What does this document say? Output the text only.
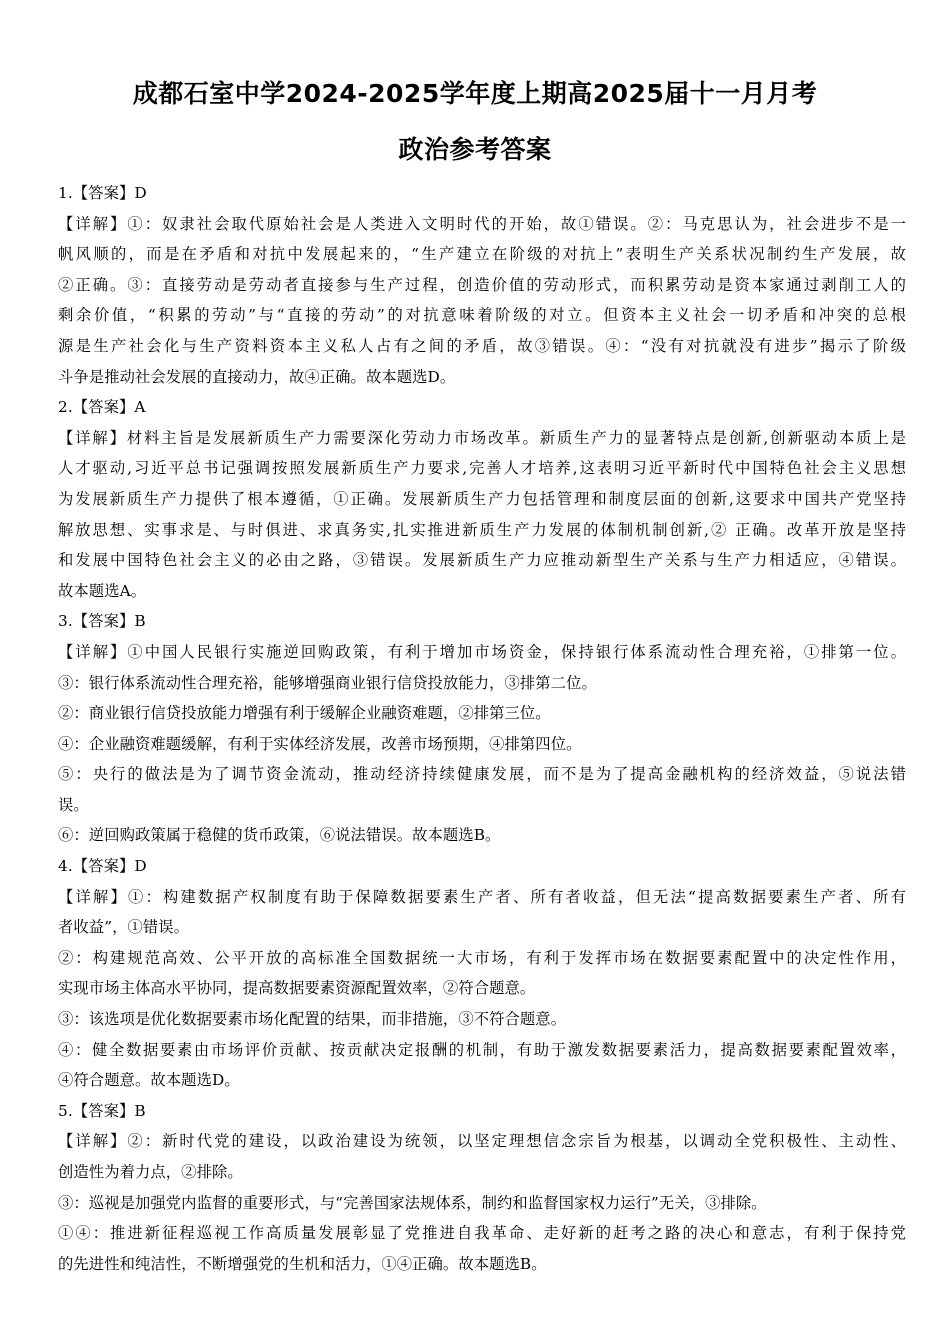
成都石室中学2024-2025学年度上期高2025届十一月月考
政治参考答案
1.【答案】D
【详解】①：奴隶社会取代原始社会是人类进入文明时代的开始，故①错误。②：马克思认为，社会进步不是一
帆风顺的，而是在矛盾和对抗中发展起来的，“生产建立在阶级的对抗上”表明生产关系状况制约生产发展，故
②正确。③：直接劳动是劳动者直接参与生产过程，创造价值的劳动形式，而积累劳动是资本家通过剥削工人的
剩余价值，“积累的劳动”与“直接的劳动”的对抗意味着阶级的对立。但资本主义社会一切矛盾和冲突的总根
源是生产社会化与生产资料资本主义私人占有之间的矛盾，故③错误。④：“没有对抗就没有进步”揭示了阶级
斗争是推动社会发展的直接动力，故④正确。故本题选D。
2.【答案】A
【详解】材料主旨是发展新质生产力需要深化劳动力市场改革。新质生产力的显著特点是创新,创新驱动本质上是
人才驱动,习近平总书记强调按照发展新质生产力要求,完善人才培养,这表明习近平新时代中国特色社会主义思想
为发展新质生产力提供了根本遵循，①正确。发展新质生产力包括管理和制度层面的创新,这要求中国共产党坚持
解放思想、实事求是、与时俱进、求真务实,扎实推进新质生产力发展的体制机制创新,② 正确。改革开放是坚持
和发展中国特色社会主义的必由之路，③错误。发展新质生产力应推动新型生产关系与生产力相适应，④错误。
故本题选A。
3.【答案】B
【详解】①中国人民银行实施逆回购政策，有利于增加市场资金，保持银行体系流动性合理充裕，①排第一位。
③：银行体系流动性合理充裕，能够增强商业银行信贷投放能力，③排第二位。
②：商业银行信贷投放能力增强有利于缓解企业融资难题，②排第三位。
④：企业融资难题缓解，有利于实体经济发展，改善市场预期，④排第四位。
⑤：央行的做法是为了调节资金流动，推动经济持续健康发展，而不是为了提高金融机构的经济效益，⑤说法错
误。
⑥：逆回购政策属于稳健的货币政策，⑥说法错误。故本题选B。
4.【答案】D
【详解】①：构建数据产权制度有助于保障数据要素生产者、所有者收益，但无法“提高数据要素生产者、所有
者收益”，①错误。
②：构建规范高效、公平开放的高标准全国数据统一大市场，有利于发挥市场在数据要素配置中的决定性作用，
实现市场主体高水平协同，提高数据要素资源配置效率，②符合题意。
③：该选项是优化数据要素市场化配置的结果，而非措施，③不符合题意。
④：健全数据要素由市场评价贡献、按贡献决定报酬的机制，有助于激发数据要素活力，提高数据要素配置效率，
④符合题意。故本题选D。
5.【答案】B
【详解】②：新时代党的建设，以政治建设为统领，以坚定理想信念宗旨为根基，以调动全党积极性、主动性、
创造性为着力点，②排除。
③：巡视是加强党内监督的重要形式，与“完善国家法规体系，制约和监督国家权力运行”无关，③排除。
①④：推进新征程巡视工作高质量发展彰显了党推进自我革命、走好新的赶考之路的决心和意志，有利于保持党
的先进性和纯洁性，不断增强党的生机和活力，①④正确。故本题选B。
